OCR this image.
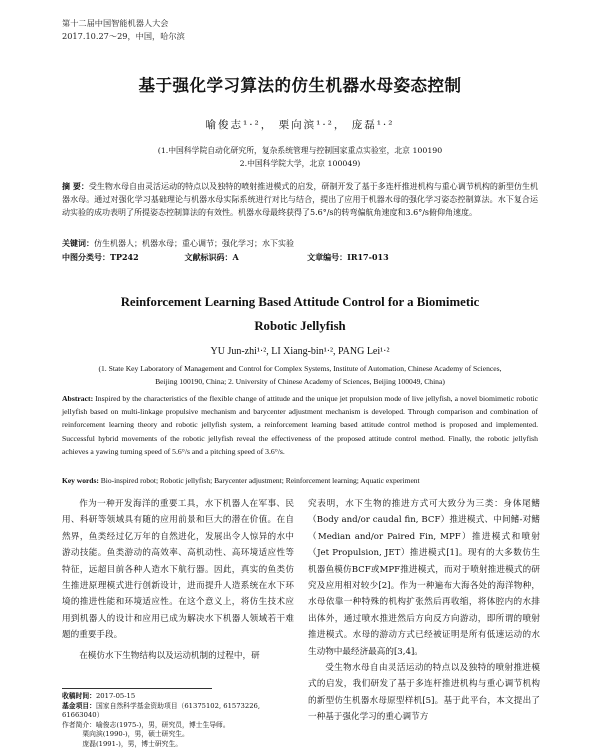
第十二届中国智能机器人大会
2017.10.27～29，中国，哈尔滨
基于强化学习算法的仿生机器水母姿态控制
喻俊志¹·²， 栗向滨¹·²， 庞磊¹·²
(1.中国科学院自动化研究所，复杂系统管理与控制国家重点实验室，北京 100190
2.中国科学院大学，北京 100049)
摘 要：受生物水母自由灵活运动的特点以及独特的喷射推进模式的启发，研制开发了基于多连杆推进机构与重心调节机构的新型仿生机器水母。通过对强化学习基础理论与机器水母实际系统进行对比与结合，提出了应用于机器水母的强化学习姿态控制算法。水下复合运动实验的成功表明了所提姿态控制算法的有效性。机器水母最终获得了5.6°/s的转弯偏航角速度和3.6°/s俯仰角速度。
关键词：仿生机器人；机器水母；重心调节；强化学习；水下实验
中图分类号：TP242	文献标识码：A	文章编号：IR17-013
Reinforcement Learning Based Attitude Control for a Biomimetic
Robotic Jellyfish
YU Jun-zhi¹·², LI Xiang-bin¹·², PANG Lei¹·²
(1. State Key Laboratory of Management and Control for Complex Systems, Institute of Automation, Chinese Academy of Sciences,
Beijing 100190, China; 2. University of Chinese Academy of Sciences, Beijing 100049, China)
Abstract: Inspired by the characteristics of the flexible change of attitude and the unique jet propulsion mode of live jellyfish, a novel biomimetic robotic jellyfish based on multi-linkage propulsive mechanism and barycenter adjustment mechanism is developed. Through comparison and combination of reinforcement learning theory and robotic jellyfish system, a reinforcement learning based attitude control method is proposed and implemented. Successful hybrid movements of the robotic jellyfish reveal the effectiveness of the proposed attitude control method. Finally, the robotic jellyfish achieves a yawing turning speed of 5.6°/s and a pitching speed of 3.6°/s.
Key words: Bio-inspired robot; Robotic jellyfish; Barycenter adjustment; Reinforcement learning; Aquatic experiment

作为一种开发海洋的重要工具，水下机器人在军事、民用、科研等领域具有随的应用前景和巨大的潜在价值。在自然界，鱼类经过亿万年的自然进化，发展出令人惊异的水中游动技能。鱼类游动的高效率、高机动性、高环境适应性等特征，远超目前各种人造水下航行器。因此，真实的鱼类仿生推进原理模式进行创新设计，进而提升人造系统在水下环境的推进性能和环境适应性。在这个意义上，将仿生技术应用到机器人的设计和应用已成为解决水下机器人领域若干难题的重要手段。

在模仿水下生物结构以及运动机制的过程中，研

究表明，水下生物的推进方式可大致分为三类：身体尾鳍（Body and/or caudal fin, BCF）推进模式、中间鳍-对鳍（Median and/or Paired Fin, MPF）推进模式和喷射（Jet Propulsion, JET）推进模式[1]。现有的大多数仿生机器鱼模仿BCF或MPF推进模式，而对于喷射推进模式的研究及应用相对较少[2]。作为一种遍布大海各处的海洋物种，水母依靠一种特殊的机构扩张然后再收缩，将体腔内的水排出体外，通过喷水推进然后方向反方向游动，即所谓的喷射推进模式。水母的游动方式已经被证明是所有低速运动的水生动物中最经济最高的[3,4]。

受生物水母自由灵活运动的特点以及独特的喷射推进模式的启发，我们研发了基于多连杆推进机构与重心调节机构的新型仿生机器水母原型样机[5]。基于此平台，本文提出了一种基于强化学习的重心调节方

收稿时间：2017-05-15
基金项目：国家自然科学基金资助项目（61375102, 61573226, 61663040）
作者简介：喻俊志(1975-)，男，研究员，博士生导师。
栗向滨(1990-)，男，硕士研究生。
庞磊(1991-)，男，博士研究生。
